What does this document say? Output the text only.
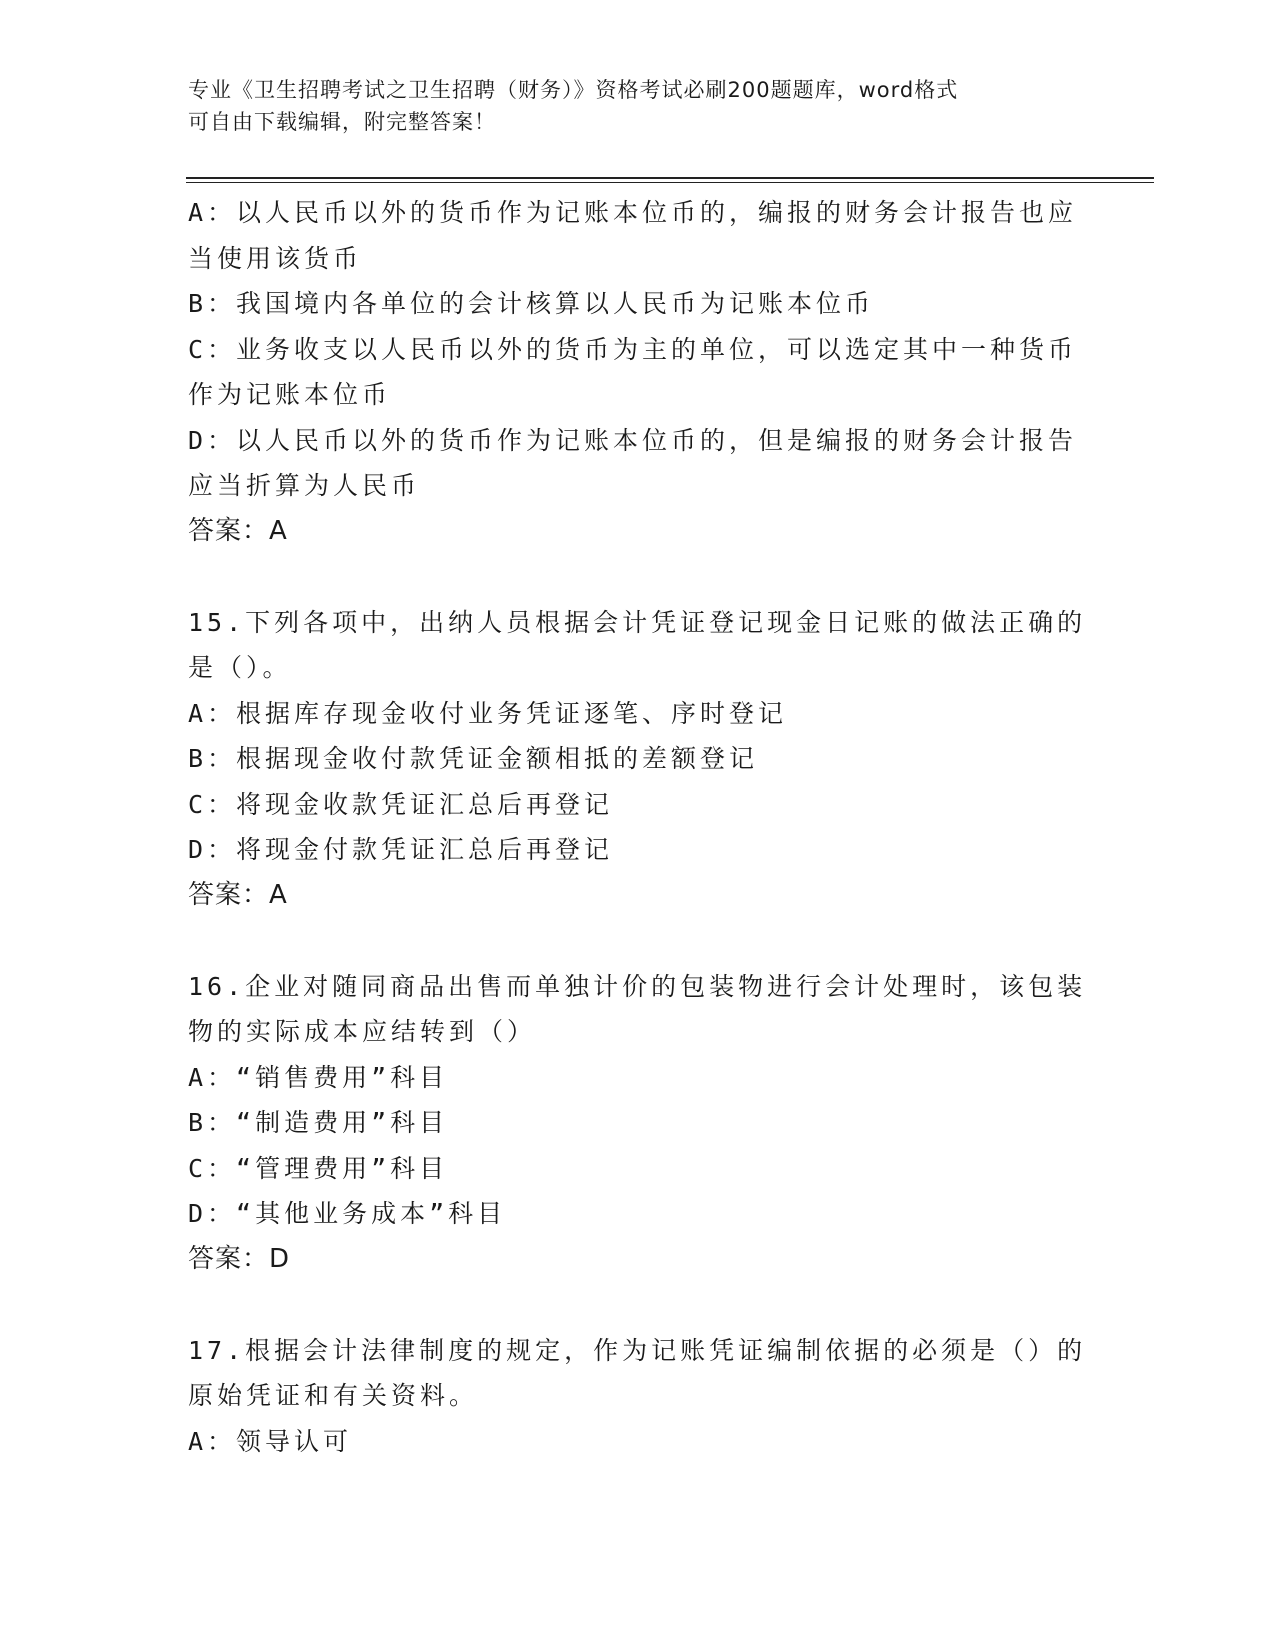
专业《卫生招聘考试之卫生招聘（财务）》资格考试必刷200题题库，word格式
可自由下载编辑，附完整答案！
A：以人民币以外的货币作为记账本位币的，编报的财务会计报告也应
当使用该货币
B：我国境内各单位的会计核算以人民币为记账本位币
C：业务收支以人民币以外的货币为主的单位，可以选定其中一种货币
作为记账本位币
D：以人民币以外的货币作为记账本位币的，但是编报的财务会计报告
应当折算为人民币
答案：A
15.下列各项中，出纳人员根据会计凭证登记现金日记账的做法正确的
是（）。
A：根据库存现金收付业务凭证逐笔、序时登记
B：根据现金收付款凭证金额相抵的差额登记
C：将现金收款凭证汇总后再登记
D：将现金付款凭证汇总后再登记
答案：A
16.企业对随同商品出售而单独计价的包装物进行会计处理时，该包装
物的实际成本应结转到（）
A：“销售费用”科目
B：“制造费用”科目
C：“管理费用”科目
D：“其他业务成本”科目
答案：D
17.根据会计法律制度的规定，作为记账凭证编制依据的必须是（）的
原始凭证和有关资料。
A：领导认可
